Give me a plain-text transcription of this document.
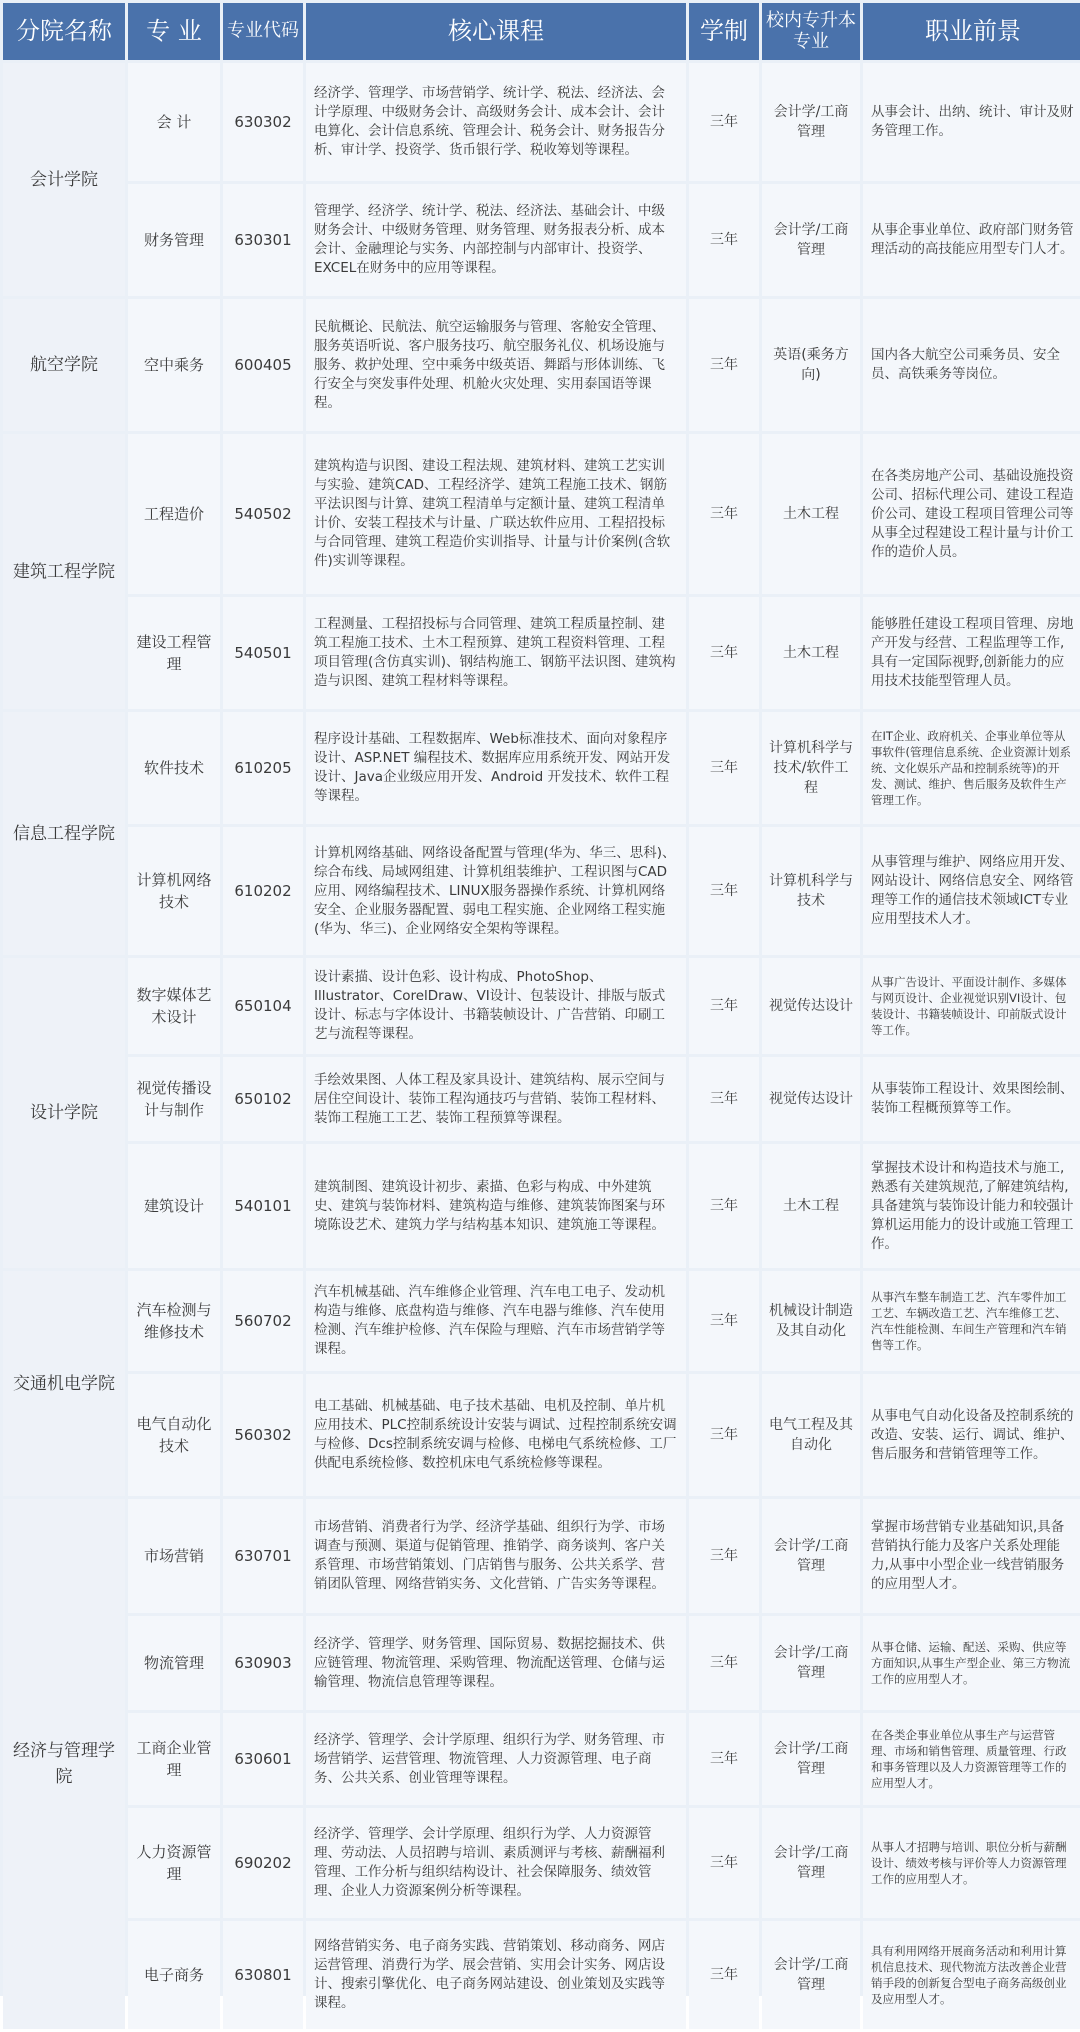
分院名称	专 业	专业代码	核心课程	学制	校内专升本专业	职业前景
会计学院	会 计	630302	经济学、管理学、市场营销学、统计学、税法、经济法、会计学原理、中级财务会计、高级财务会计、成本会计、会计电算化、会计信息系统、管理会计、税务会计、财务报告分析、审计学、投资学、货币银行学、税收筹划等课程。	三年	会计学/工商管理	从事会计、出纳、统计、审计及财务管理工作。
	财务管理	630301	管理学、经济学、统计学、税法、经济法、基础会计、中级财务会计、中级财务管理、财务管理、财务报表分析、成本会计、金融理论与实务、内部控制与内部审计、投资学、EXCEL在财务中的应用等课程。	三年	会计学/工商管理	从事企事业单位、政府部门财务管理活动的高技能应用型专门人才。
航空学院	空中乘务	600405	民航概论、民航法、航空运输服务与管理、客舱安全管理、服务英语听说、客户服务技巧、航空服务礼仪、机场设施与服务、救护处理、空中乘务中级英语、舞蹈与形体训练、飞行安全与突发事件处理、机舱火灾处理、实用泰国语等课程。	三年	英语(乘务方向)	国内各大航空公司乘务员、安全员、高铁乘务等岗位。
建筑工程学院	工程造价	540502	建筑构造与识图、建设工程法规、建筑材料、建筑工艺实训与实验、建筑CAD、工程经济学、建筑工程施工技术、钢筋平法识图与计算、建筑工程清单与定额计量、建筑工程清单计价、安装工程技术与计量、广联达软件应用、工程招投标与合同管理、建筑工程造价实训指导、计量与计价案例(含软件)实训等课程。	三年	土木工程	在各类房地产公司、基础设施投资公司、招标代理公司、建设工程造价公司、建设工程项目管理公司等从事全过程建设工程计量与计价工作的造价人员。
	建设工程管理	540501	工程测量、工程招投标与合同管理、建筑工程质量控制、建筑工程施工技术、土木工程预算、建筑工程资料管理、工程项目管理(含仿真实训)、钢结构施工、钢筋平法识图、建筑构造与识图、建筑工程材料等课程。	三年	土木工程	能够胜任建设工程项目管理、房地产开发与经营、工程监理等工作,具有一定国际视野,创新能力的应用技术技能型管理人员。
信息工程学院	软件技术	610205	程序设计基础、工程数据库、Web标准技术、面向对象程序设计、ASP.NET 编程技术、数据库应用系统开发、网站开发设计、Java企业级应用开发、Android 开发技术、软件工程等课程。	三年	计算机科学与技术/软件工程	在IT企业、政府机关、企事业单位等从事软件(管理信息系统、企业资源计划系统、文化娱乐产品和控制系统等)的开发、测试、维护、售后服务及软件生产管理工作。
	计算机网络技术	610202	计算机网络基础、网络设备配置与管理(华为、华三、思科)、综合布线、局域网组建、计算机组装维护、工程识图与CAD应用、网络编程技术、LINUX服务器操作系统、计算机网络安全、企业服务器配置、弱电工程实施、企业网络工程实施(华为、华三)、企业网络安全架构等课程。	三年	计算机科学与技术	从事管理与维护、网络应用开发、网站设计、网络信息安全、网络管理等工作的通信技术领域ICT专业应用型技术人才。
设计学院	数字媒体艺术设计	650104	设计素描、设计色彩、设计构成、PhotoShop、Illustrator、CorelDraw、VI设计、包装设计、排版与版式设计、标志与字体设计、书籍装帧设计、广告营销、印刷工艺与流程等课程。	三年	视觉传达设计	从事广告设计、平面设计制作、多媒体与网页设计、企业视觉识别VI设计、包装设计、书籍装帧设计、印前版式设计等工作。
	视觉传播设计与制作	650102	手绘效果图、人体工程及家具设计、建筑结构、展示空间与居住空间设计、装饰工程沟通技巧与营销、装饰工程材料、装饰工程施工工艺、装饰工程预算等课程。	三年	视觉传达设计	从事装饰工程设计、效果图绘制、装饰工程概预算等工作。
	建筑设计	540101	建筑制图、建筑设计初步、素描、色彩与构成、中外建筑史、建筑与装饰材料、建筑构造与维修、建筑装饰图案与环境陈设艺术、建筑力学与结构基本知识、建筑施工等课程。	三年	土木工程	掌握技术设计和构造技术与施工,熟悉有关建筑规范,了解建筑结构,具备建筑与装饰设计能力和较强计算机运用能力的设计或施工管理工作。
交通机电学院	汽车检测与维修技术	560702	汽车机械基础、汽车维修企业管理、汽车电工电子、发动机构造与维修、底盘构造与维修、汽车电器与维修、汽车使用检测、汽车维护检修、汽车保险与理赔、汽车市场营销学等课程。	三年	机械设计制造及其自动化	从事汽车整车制造工艺、汽车零件加工工艺、车辆改造工艺、汽车维修工艺、汽车性能检测、车间生产管理和汽车销售等工作。
	电气自动化技术	560302	电工基础、机械基础、电子技术基础、电机及控制、单片机应用技术、PLC控制系统设计安装与调试、过程控制系统安调与检修、Dcs控制系统安调与检修、电梯电气系统检修、工厂供配电系统检修、数控机床电气系统检修等课程。	三年	电气工程及其自动化	从事电气自动化设备及控制系统的改造、安装、运行、调试、维护、售后服务和营销管理等工作。
经济与管理学院	市场营销	630701	市场营销、消费者行为学、经济学基础、组织行为学、市场调查与预测、渠道与促销管理、推销学、商务谈判、客户关系管理、市场营销策划、门店销售与服务、公共关系学、营销团队管理、网络营销实务、文化营销、广告实务等课程。	三年	会计学/工商管理	掌握市场营销专业基础知识,具备营销执行能力及客户关系处理能力,从事中小型企业一线营销服务的应用型人才。
	物流管理	630903	经济学、管理学、财务管理、国际贸易、数据挖掘技术、供应链管理、物流管理、采购管理、物流配送管理、仓储与运输管理、物流信息管理等课程。	三年	会计学/工商管理	从事仓储、运输、配送、采购、供应等方面知识,从事生产型企业、第三方物流工作的应用型人才。
	工商企业管理	630601	经济学、管理学、会计学原理、组织行为学、财务管理、市场营销学、运营管理、物流管理、人力资源管理、电子商务、公共关系、创业管理等课程。	三年	会计学/工商管理	在各类企事业单位从事生产与运营管理、市场和销售管理、质量管理、行政和事务管理以及人力资源管理等工作的应用型人才。
	人力资源管理	690202	经济学、管理学、会计学原理、组织行为学、人力资源管理、劳动法、人员招聘与培训、素质测评与考核、薪酬福利管理、工作分析与组织结构设计、社会保障服务、绩效管理、企业人力资源案例分析等课程。	三年	会计学/工商管理	从事人才招聘与培训、职位分析与薪酬设计、绩效考核与评价等人力资源管理工作的应用型人才。
	电子商务	630801	网络营销实务、电子商务实践、营销策划、移动商务、网店运营管理、消费行为学、展会营销、实用会计实务、网店设计、搜索引擎优化、电子商务网站建设、创业策划及实践等课程。	三年	会计学/工商管理	具有利用网络开展商务活动和利用计算机信息技术、现代物流方法改善企业营销手段的创新复合型电子商务高级创业及应用型人才。
